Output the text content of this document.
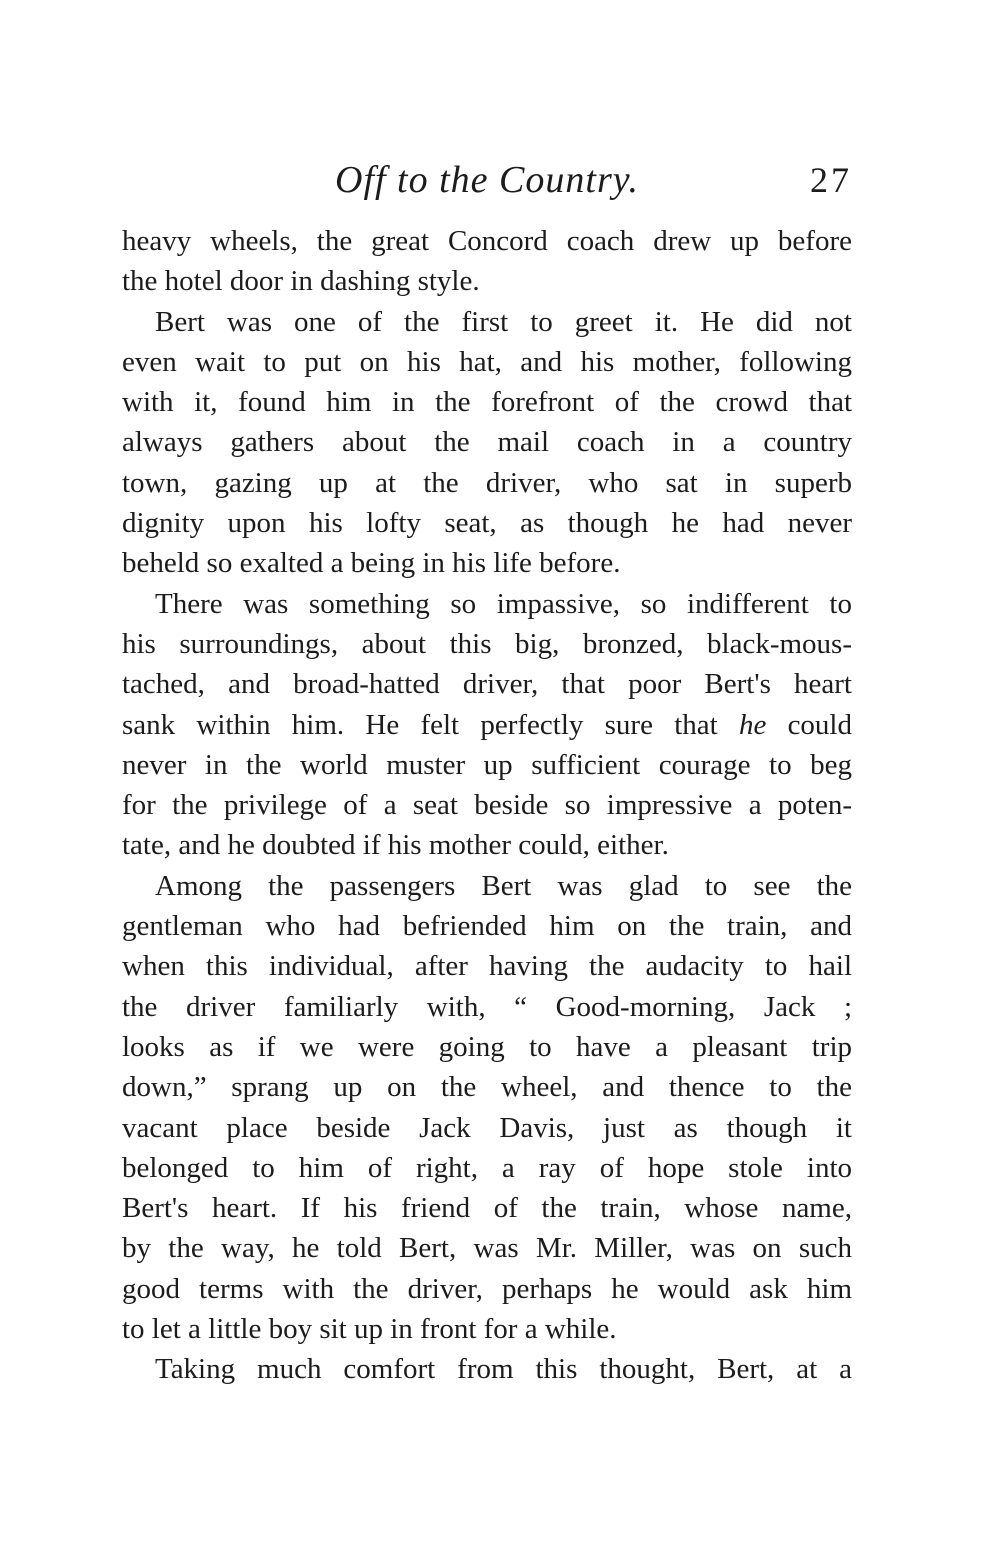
Off to the Country.	27
heavy wheels, the great Concord coach drew up before
the hotel door in dashing style.
Bert was one of the first to greet it. He did not
even wait to put on his hat, and his mother, following
with it, found him in the forefront of the crowd that
always gathers about the mail coach in a country
town, gazing up at the driver, who sat in superb
dignity upon his lofty seat, as though he had never
beheld so exalted a being in his life before.
There was something so impassive, so indifferent to
his surroundings, about this big, bronzed, black-mous-
tached, and broad-hatted driver, that poor Bert's heart
sank within him. He felt perfectly sure that he could
never in the world muster up sufficient courage to beg
for the privilege of a seat beside so impressive a poten-
tate, and he doubted if his mother could, either.
Among the passengers Bert was glad to see the
gentleman who had befriended him on the train, and
when this individual, after having the audacity to hail
the driver familiarly with, “ Good-morning, Jack ;
looks as if we were going to have a pleasant trip
down,” sprang up on the wheel, and thence to the
vacant place beside Jack Davis, just as though it
belonged to him of right, a ray of hope stole into
Bert's heart. If his friend of the train, whose name,
by the way, he told Bert, was Mr. Miller, was on such
good terms with the driver, perhaps he would ask him
to let a little boy sit up in front for a while.
Taking much comfort from this thought, Bert, at a
